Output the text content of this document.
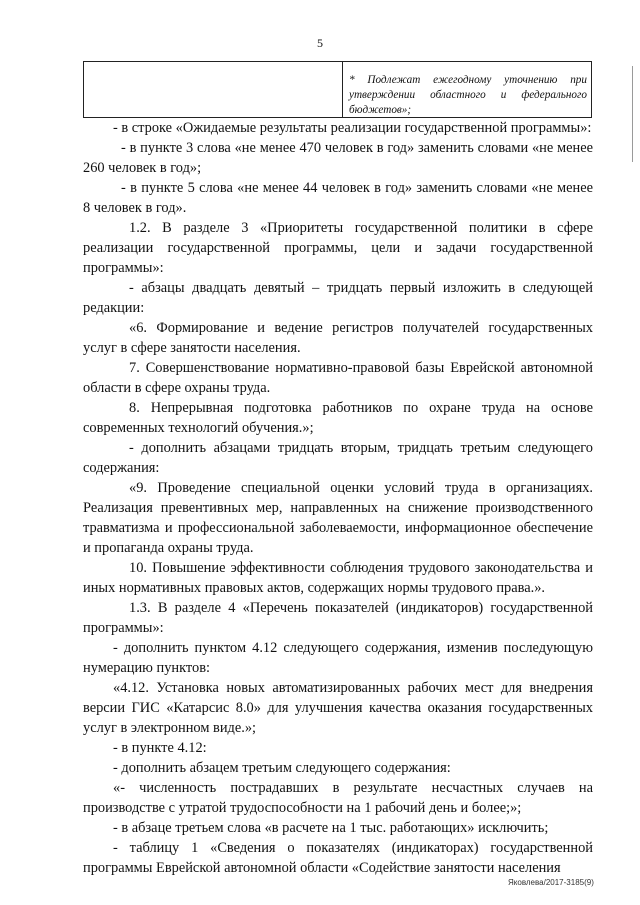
5
* Подлежат ежегодному уточнению при утверждении областного и федерального бюджетов»;

- в строке «Ожидаемые результаты реализации государственной программы»:

- в пункте 3 слова «не менее 470 человек в год» заменить словами «не менее 260 человек в год»;

- в пункте 5 слова «не менее 44 человек в год» заменить словами «не менее 8 человек в год».

1.2. В разделе 3 «Приоритеты государственной политики в сфере реализации государственной программы, цели и задачи государственной программы»:

- абзацы двадцать девятый – тридцать первый изложить в следующей редакции:

«6. Формирование и ведение регистров получателей государственных услуг в сфере занятости населения.

7. Совершенствование нормативно-правовой базы Еврейской автономной области в сфере охраны труда.

8. Непрерывная подготовка работников по охране труда на основе современных технологий обучения.»;

- дополнить абзацами тридцать вторым, тридцать третьим следующего содержания:

«9. Проведение специальной оценки условий труда в организациях. Реализация превентивных мер, направленных на снижение производственного травматизма и профессиональной заболеваемости, информационное обеспечение и пропаганда охраны труда.

10. Повышение эффективности соблюдения трудового законодательства и иных нормативных правовых актов, содержащих нормы трудового права.».

1.3. В разделе 4 «Перечень показателей (индикаторов) государственной программы»:

- дополнить пунктом 4.12 следующего содержания, изменив последующую нумерацию пунктов:

«4.12. Установка новых автоматизированных рабочих мест для внедрения версии ГИС «Катарсис 8.0» для улучшения качества оказания государственных услуг в электронном виде.»;

- в пункте 4.12:

- дополнить абзацем третьим следующего содержания:

«- численность пострадавших в результате несчастных случаев на производстве с утратой трудоспособности на 1 рабочий день и более;»;

- в абзаце третьем слова «в расчете на 1 тыс. работающих» исключить;

- таблицу 1 «Сведения о показателях (индикаторах) государственной программы Еврейской автономной области «Содействие занятости населения

Яковлева/2017-3185(9)
